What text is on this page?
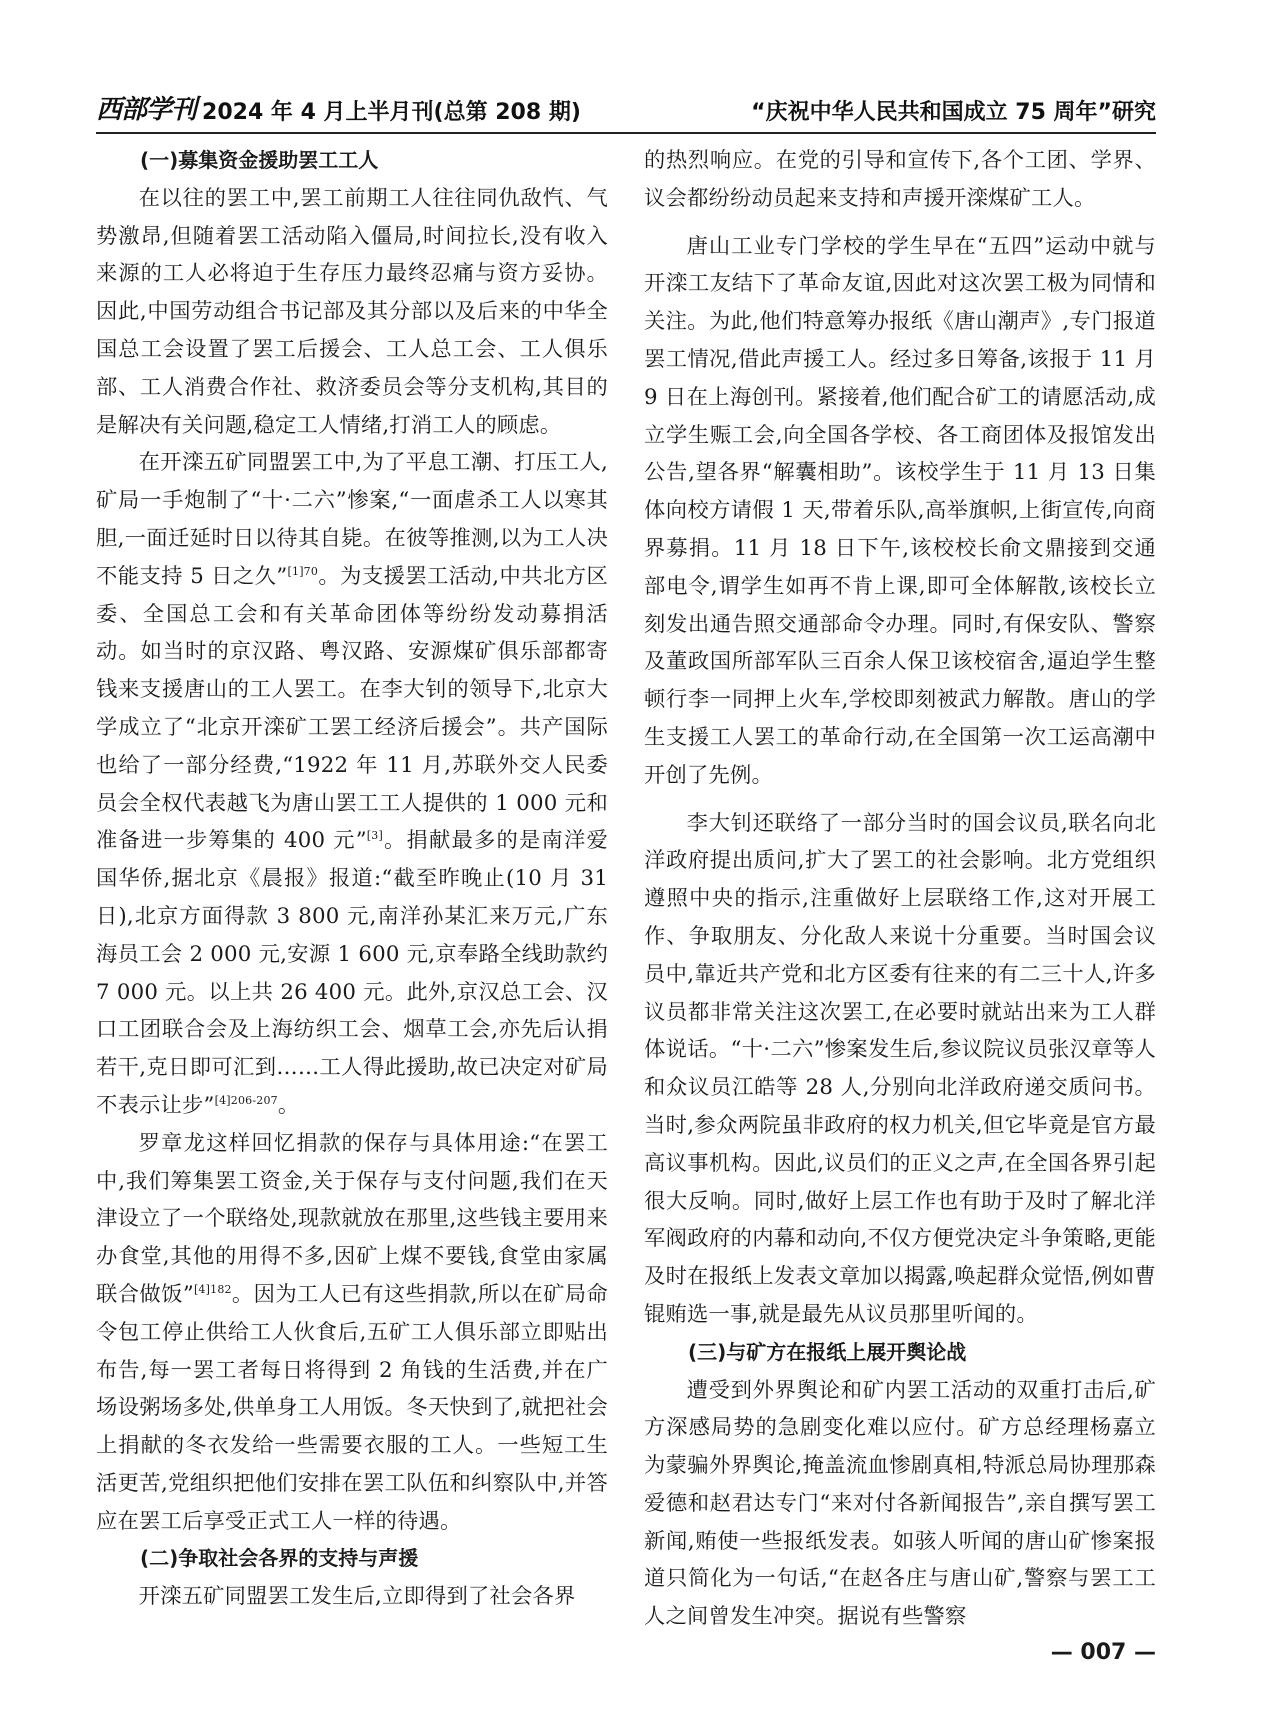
西部学刊 2024 年 4 月上半月刊(总第 208 期)	“庆祝中华人民共和国成立 75 周年”研究
(一)募集资金援助罢工工人

在以往的罢工中,罢工前期工人往往同仇敌忾、气势激昂,但随着罢工活动陷入僵局,时间拉长,没有收入来源的工人必将迫于生存压力最终忍痛与资方妥协。因此,中国劳动组合书记部及其分部以及后来的中华全国总工会设置了罢工后援会、工人总工会、工人俱乐部、工人消费合作社、救济委员会等分支机构,其目的是解决有关问题,稳定工人情绪,打消工人的顾虑。

在开滦五矿同盟罢工中,为了平息工潮、打压工人,矿局一手炮制了“十·二六”惨案,“一面虐杀工人以寒其胆,一面迁延时日以待其自毙。在彼等推测,以为工人决不能支持 5 日之久”$^{[1]70}$。为支援罢工活动,中共北方区委、全国总工会和有关革命团体等纷纷发动募捐活动。如当时的京汉路、粤汉路、安源煤矿俱乐部都寄钱来支援唐山的工人罢工。在李大钊的领导下,北京大学成立了“北京开滦矿工罢工经济后援会”。共产国际也给了一部分经费,“1922 年 11 月,苏联外交人民委员会全权代表越飞为唐山罢工工人提供的 1 000 元和准备进一步筹集的 400 元”[3]。捐献最多的是南洋爱国华侨,据北京《晨报》报道:“截至昨晚止(10 月 31 日),北京方面得款 3 800 元,南洋孙某汇来万元,广东海员工会 2 000 元,安源 1 600 元,京奉路全线助款约 7 000 元。以上共 26 400 元。此外,京汉总工会、汉口工团联合会及上海纺织工会、烟草工会,亦先后认捐若干,克日即可汇到……工人得此援助,故已决定对矿局不表示让步”$^{[4]206-207}$。

罗章龙这样回忆捐款的保存与具体用途:“在罢工中,我们筹集罢工资金,关于保存与支付问题,我们在天津设立了一个联络处,现款就放在那里,这些钱主要用来办食堂,其他的用得不多,因矿上煤不要钱,食堂由家属联合做饭”$^{[4]182}$。因为工人已有这些捐款,所以在矿局命令包工停止供给工人伙食后,五矿工人俱乐部立即贴出布告,每一罢工者每日将得到 2 角钱的生活费,并在广场设粥场多处,供单身工人用饭。冬天快到了,就把社会上捐献的冬衣发给一些需要衣服的工人。一些短工生活更苦,党组织把他们安排在罢工队伍和纠察队中,并答应在罢工后享受正式工人一样的待遇。

(二)争取社会各界的支持与声援

开滦五矿同盟罢工发生后,立即得到了社会各界

的热烈响应。在党的引导和宣传下,各个工团、学界、议会都纷纷动员起来支持和声援开滦煤矿工人。

唐山工业专门学校的学生早在“五四”运动中就与开滦工友结下了革命友谊,因此对这次罢工极为同情和关注。为此,他们特意筹办报纸《唐山潮声》,专门报道罢工情况,借此声援工人。经过多日筹备,该报于 11 月 9 日在上海创刊。紧接着,他们配合矿工的请愿活动,成立学生赈工会,向全国各学校、各工商团体及报馆发出公告,望各界“解囊相助”。该校学生于 11 月 13 日集体向校方请假 1 天,带着乐队,高举旗帜,上街宣传,向商界募捐。11 月 18 日下午,该校校长俞文鼎接到交通部电令,谓学生如再不肯上课,即可全体解散,该校长立刻发出通告照交通部命令办理。同时,有保安队、警察及董政国所部军队三百余人保卫该校宿舍,逼迫学生整顿行李一同押上火车,学校即刻被武力解散。唐山的学生支援工人罢工的革命行动,在全国第一次工运高潮中开创了先例。

李大钊还联络了一部分当时的国会议员,联名向北洋政府提出质问,扩大了罢工的社会影响。北方党组织遵照中央的指示,注重做好上层联络工作,这对开展工作、争取朋友、分化敌人来说十分重要。当时国会议员中,靠近共产党和北方区委有往来的有二三十人,许多议员都非常关注这次罢工,在必要时就站出来为工人群体说话。“十·二六”惨案发生后,参议院议员张汉章等人和众议员江皓等 28 人,分别向北洋政府递交质问书。当时,参众两院虽非政府的权力机关,但它毕竟是官方最高议事机构。因此,议员们的正义之声,在全国各界引起很大反响。同时,做好上层工作也有助于及时了解北洋军阀政府的内幕和动向,不仅方便党决定斗争策略,更能及时在报纸上发表文章加以揭露,唤起群众觉悟,例如曹锟贿选一事,就是最先从议员那里听闻的。

(三)与矿方在报纸上展开舆论战

遭受到外界舆论和矿内罢工活动的双重打击后,矿方深感局势的急剧变化难以应付。矿方总经理杨嘉立为蒙骗外界舆论,掩盖流血惨剧真相,特派总局协理那森爱德和赵君达专门“来对付各新闻报告”,亲自撰写罢工新闻,贿使一些报纸发表。如骇人听闻的唐山矿惨案报道只简化为一句话,“在赵各庄与唐山矿,警察与罢工工人之间曾发生冲突。据说有些警察

— 007 —
